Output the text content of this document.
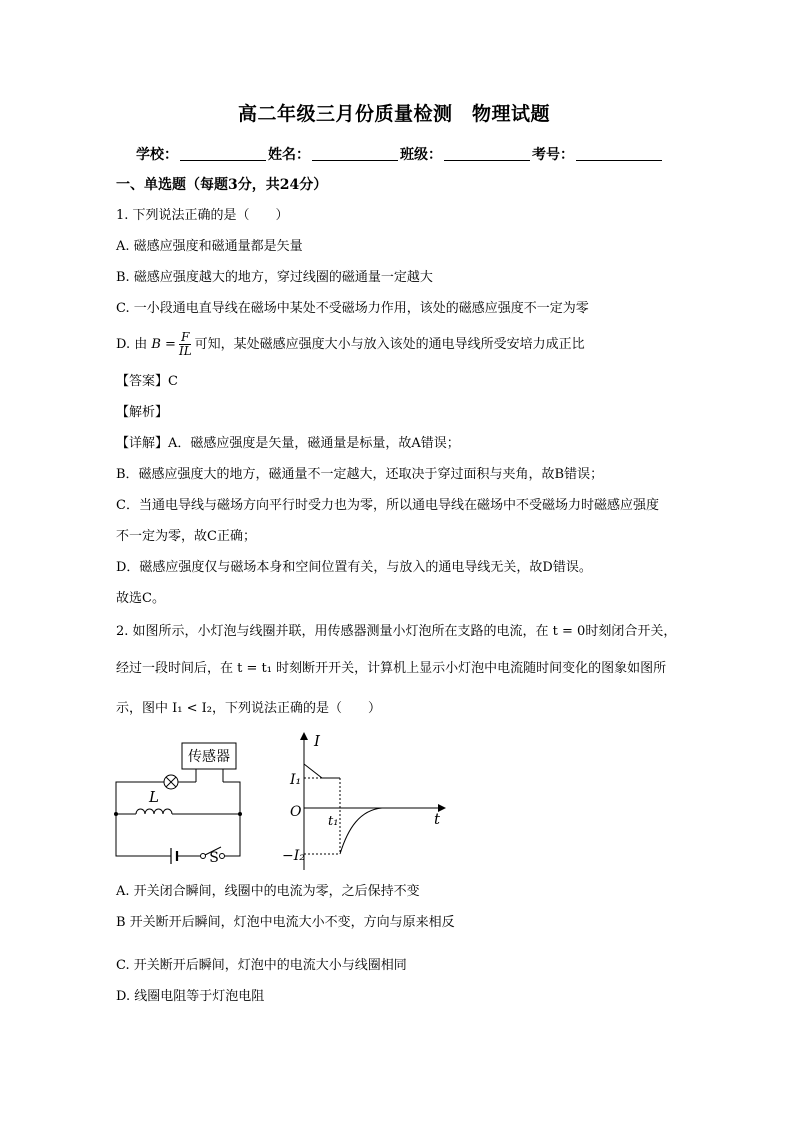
高二年级三月份质量检测　物理试题
学校：	姓名：	班级：	考号：
一、单选题（每题3分，共24分）
1. 下列说法正确的是（　　）
A. 磁感应强度和磁通量都是矢量
B. 磁感应强度越大的地方，穿过线圈的磁通量一定越大
C. 一小段通电直导线在磁场中某处不受磁场力作用，该处的磁感应强度不一定为零
D. 由 $B = \frac{F}{IL}$ 可知，某处磁感应强度大小与放入该处的通电导线所受安培力成正比
【答案】C
【解析】
【详解】A．磁感应强度是矢量，磁通量是标量，故A错误；
B．磁感应强度大的地方，磁通量不一定越大，还取决于穿过面积与夹角，故B错误；
C．当通电导线与磁场方向平行时受力也为零，所以通电导线在磁场中不受磁场力时磁感应强度
不一定为零，故C正确；
D．磁感应强度仅与磁场本身和空间位置有关，与放入的通电导线无关，故D错误。
故选C。
2. 如图所示，小灯泡与线圈并联，用传感器测量小灯泡所在支路的电流，在 t = 0时刻闭合开关，
经过一段时间后，在 t = t₁ 时刻断开开关，计算机上显示小灯泡中电流随时间变化的图象如图所
示，图中 I₁ < I₂，下列说法正确的是（　　）
传感器
L
S
I
t
O
I₁
−I₂
t₁
A. 开关闭合瞬间，线圈中的电流为零，之后保持不变
B 开关断开后瞬间，灯泡中电流大小不变，方向与原来相反
C. 开关断开后瞬间，灯泡中的电流大小与线圈相同
D. 线圈电阻等于灯泡电阻
